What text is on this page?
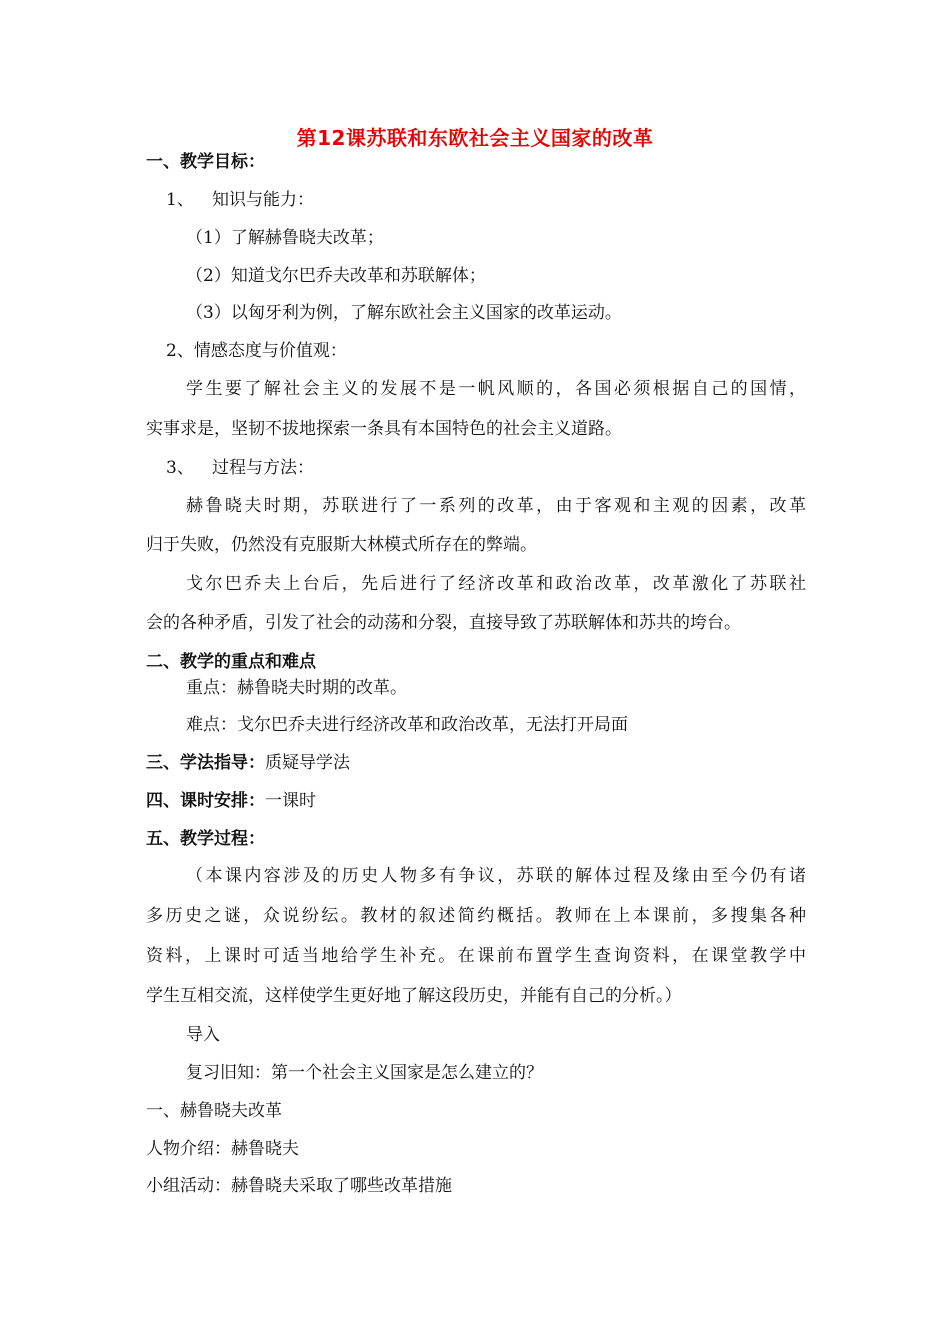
第12课苏联和东欧社会主义国家的改革
一、教学目标：
1、 知识与能力：
（1）了解赫鲁晓夫改革；
（2）知道戈尔巴乔夫改革和苏联解体；
（3）以匈牙利为例，了解东欧社会主义国家的改革运动。
2、情感态度与价值观：
学生要了解社会主义的发展不是一帆风顺的，各国必须根据自己的国情，
实事求是，坚韧不拔地探索一条具有本国特色的社会主义道路。
3、 过程与方法：
赫鲁晓夫时期，苏联进行了一系列的改革，由于客观和主观的因素，改革
归于失败，仍然没有克服斯大林模式所存在的弊端。
戈尔巴乔夫上台后，先后进行了经济改革和政治改革，改革激化了苏联社
会的各种矛盾，引发了社会的动荡和分裂，直接导致了苏联解体和苏共的垮台。
二、教学的重点和难点
重点：赫鲁晓夫时期的改革。
难点：戈尔巴乔夫进行经济改革和政治改革，无法打开局面
三、学法指导：质疑导学法
四、课时安排：一课时
五、教学过程：
（本课内容涉及的历史人物多有争议，苏联的解体过程及缘由至今仍有诸
多历史之谜，众说纷纭。教材的叙述简约概括。教师在上本课前，多搜集各种
资料，上课时可适当地给学生补充。在课前布置学生查询资料，在课堂教学中
学生互相交流，这样使学生更好地了解这段历史，并能有自己的分析。）
导入
复习旧知：第一个社会主义国家是怎么建立的？
一、赫鲁晓夫改革
人物介绍：赫鲁晓夫
小组活动：赫鲁晓夫采取了哪些改革措施
